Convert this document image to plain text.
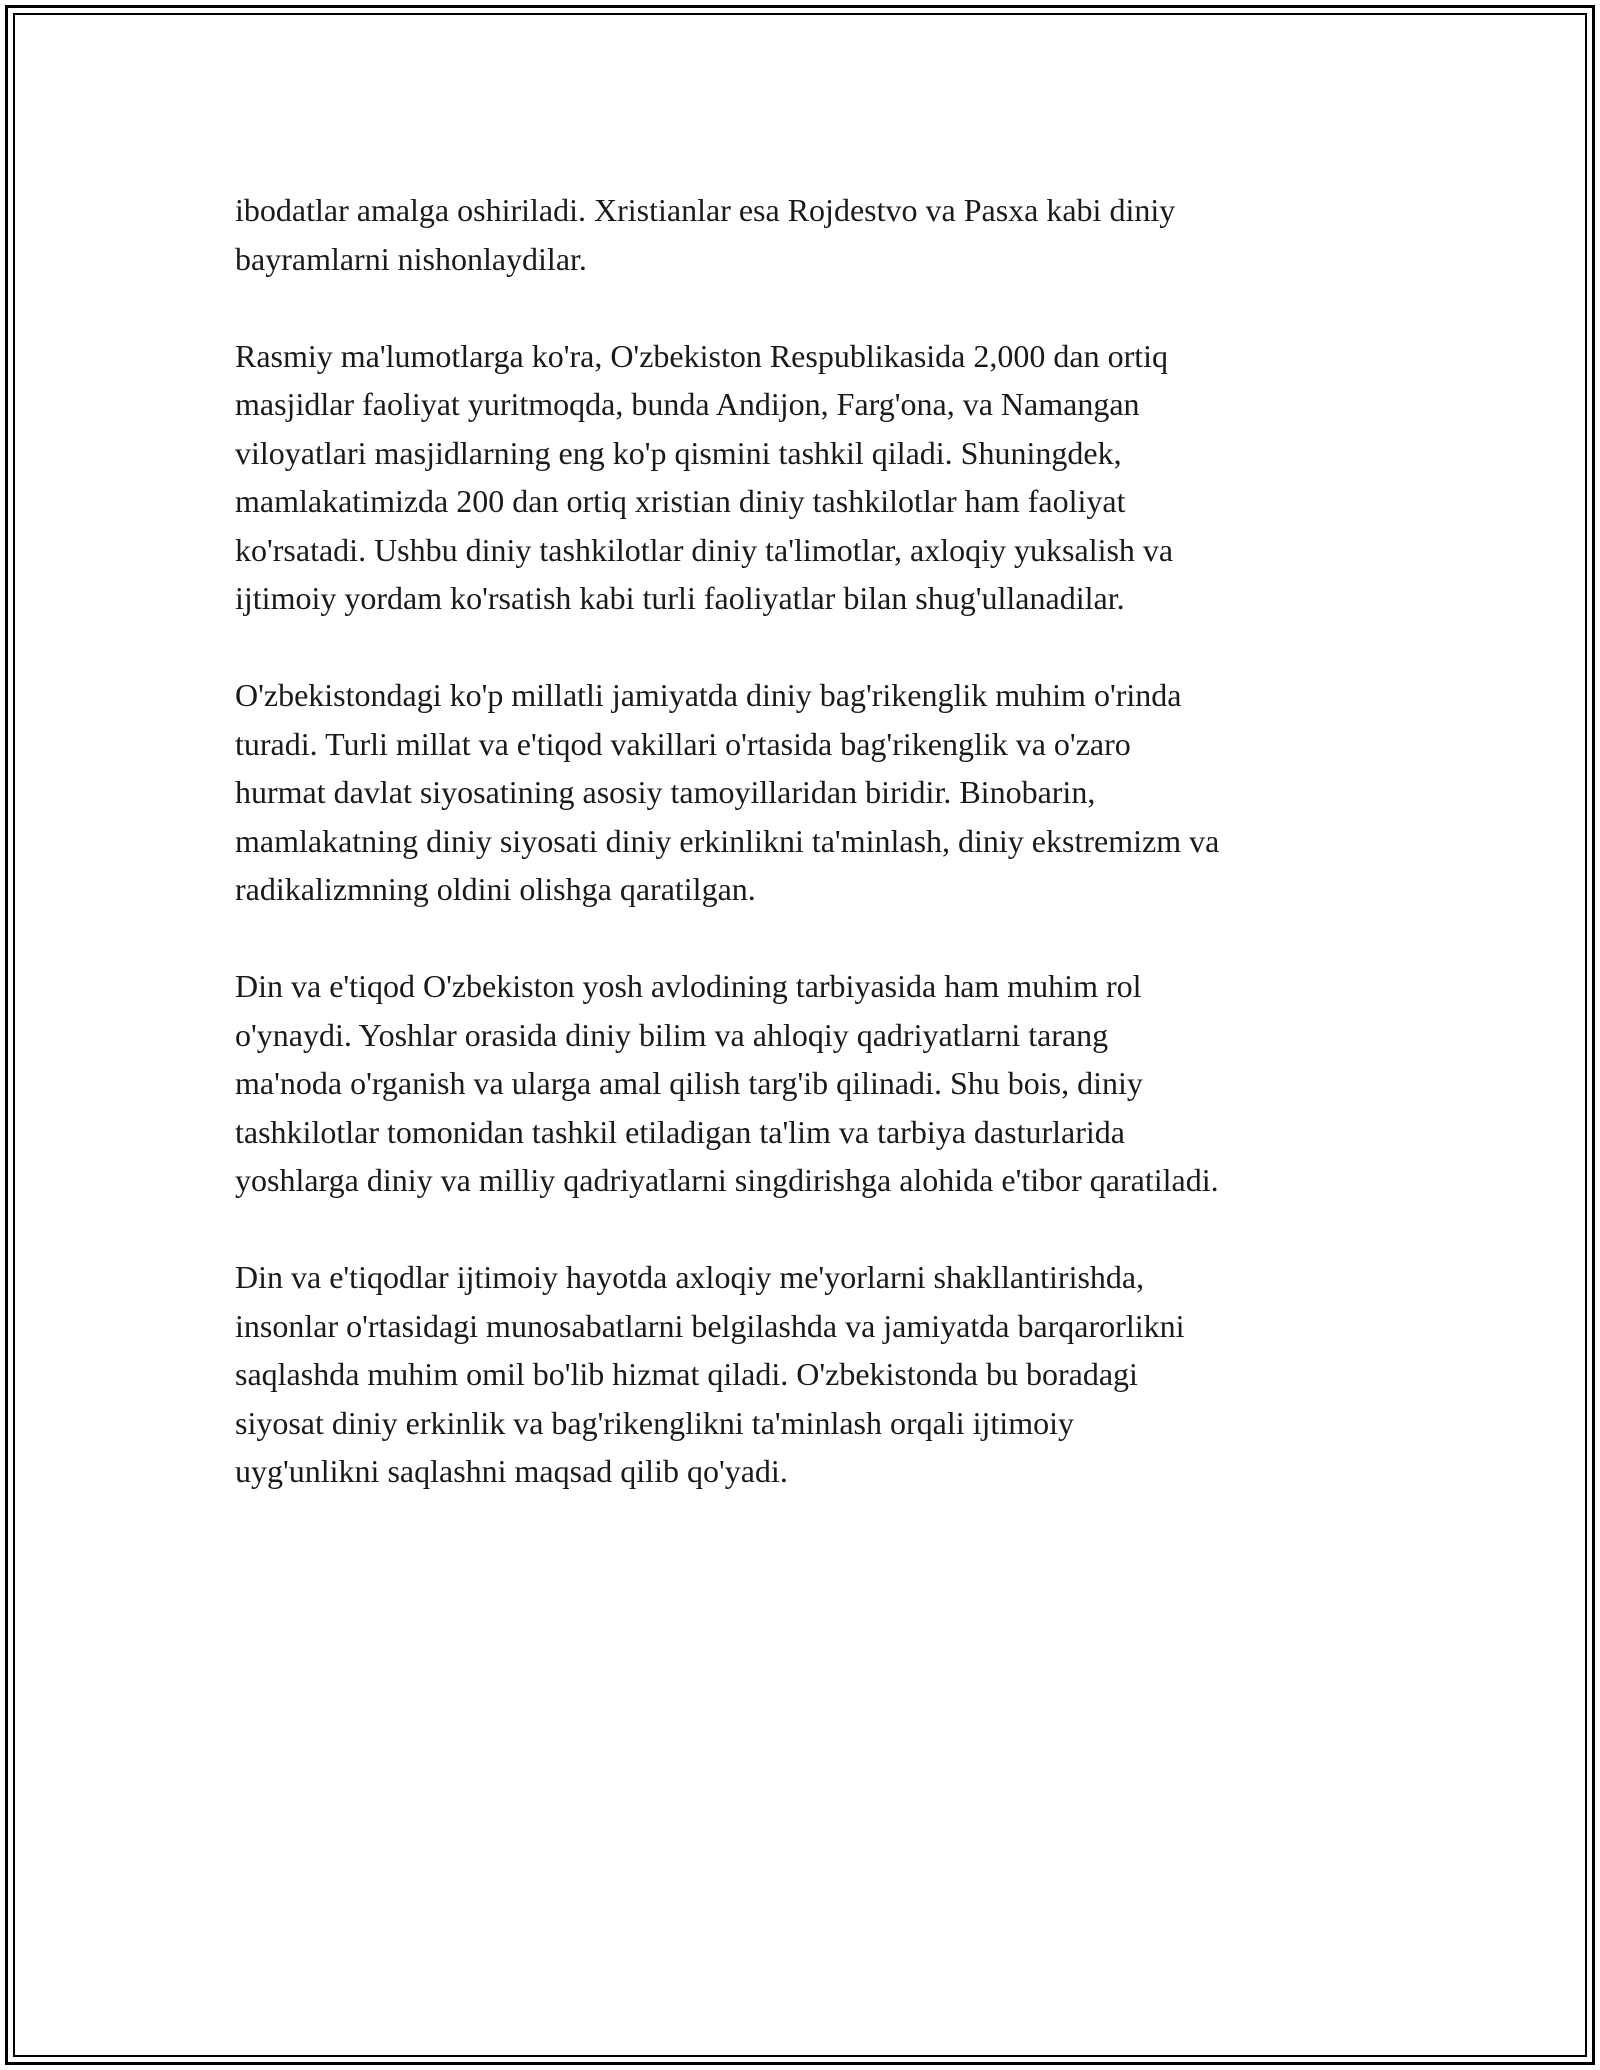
ibodatlar amalga oshiriladi. Xristianlar esa Rojdestvo va Pasxa kabi diniy
bayramlarni nishonlaydilar.

Rasmiy ma'lumotlarga ko'ra, O'zbekiston Respublikasida 2,000 dan ortiq
masjidlar faoliyat yuritmoqda, bunda Andijon, Farg'ona, va Namangan
viloyatlari masjidlarning eng ko'p qismini tashkil qiladi. Shuningdek,
mamlakatimizda 200 dan ortiq xristian diniy tashkilotlar ham faoliyat
ko'rsatadi. Ushbu diniy tashkilotlar diniy ta'limotlar, axloqiy yuksalish va
ijtimoiy yordam ko'rsatish kabi turli faoliyatlar bilan shug'ullanadilar.

O'zbekistondagi ko'p millatli jamiyatda diniy bag'rikenglik muhim o'rinda
turadi. Turli millat va e'tiqod vakillari o'rtasida bag'rikenglik va o'zaro
hurmat davlat siyosatining asosiy tamoyillaridan biridir. Binobarin,
mamlakatning diniy siyosati diniy erkinlikni ta'minlash, diniy ekstremizm va
radikalizmning oldini olishga qaratilgan.

Din va e'tiqod O'zbekiston yosh avlodining tarbiyasida ham muhim rol
o'ynaydi. Yoshlar orasida diniy bilim va ahloqiy qadriyatlarni tarang
ma'noda o'rganish va ularga amal qilish targ'ib qilinadi. Shu bois, diniy
tashkilotlar tomonidan tashkil etiladigan ta'lim va tarbiya dasturlarida
yoshlarga diniy va milliy qadriyatlarni singdirishga alohida e'tibor qaratiladi.

Din va e'tiqodlar ijtimoiy hayotda axloqiy me'yorlarni shakllantirishda,
insonlar o'rtasidagi munosabatlarni belgilashda va jamiyatda barqarorlikni
saqlashda muhim omil bo'lib hizmat qiladi. O'zbekistonda bu boradagi
siyosat diniy erkinlik va bag'rikenglikni ta'minlash orqali ijtimoiy
uyg'unlikni saqlashni maqsad qilib qo'yadi.
